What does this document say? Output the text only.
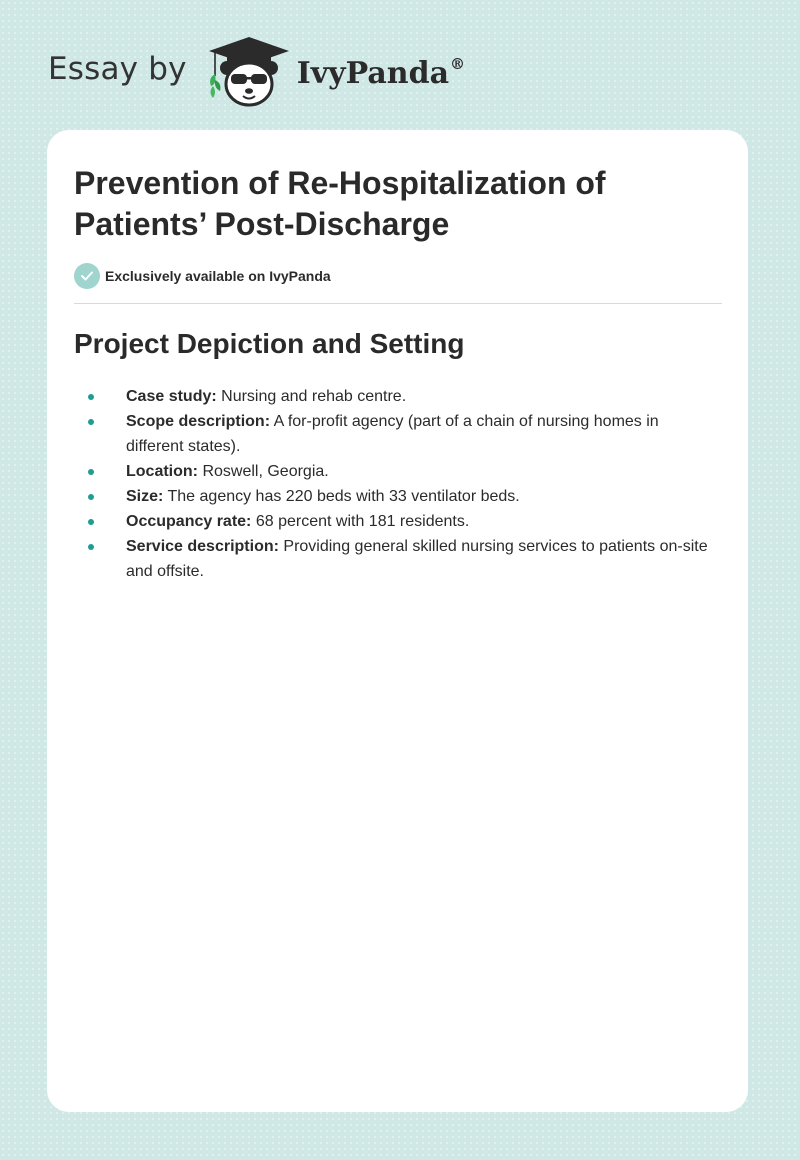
Essay by	IvyPanda®
Prevention of Re-Hospitalization of Patients’ Post-Discharge
Exclusively available on IvyPanda
Project Depiction and Setting
Case study: Nursing and rehab centre.
Scope description: A for-profit agency (part of a chain of nursing homes in different states).
Location: Roswell, Georgia.
Size: The agency has 220 beds with 33 ventilator beds.
Occupancy rate: 68 percent with 181 residents.
Service description: Providing general skilled nursing services to patients on-site and offsite.
